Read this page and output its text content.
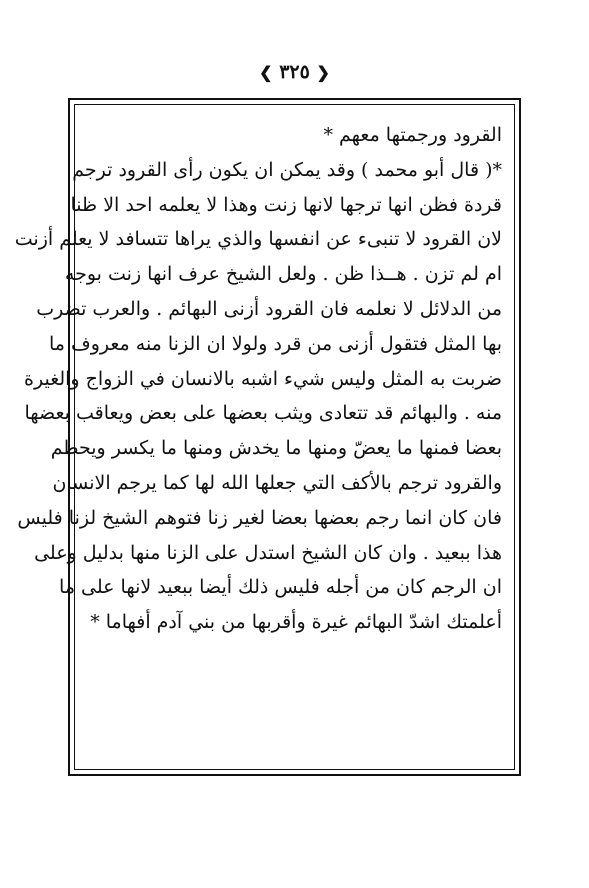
❮ ٣٢٥ ❯
القرود ورجمتها معهم *
*( قال أبو محمد ) وقد يمكن ان يكون رأى القرود ترجم
قردة فظن انها ترجها لانها زنت وهذا لا يعلمه احد الا ظنا
لان القرود لا تنبىء عن انفسها والذي يراها تتسافد لا يعلم أزنت
ام لم تزن . هــذا ظن . ولعل الشيخ عرف انها زنت بوجه
من الدلائل لا نعلمه فان القرود أزنى البهائم . والعرب تضرب
بها المثل فتقول أزنى من قرد ولولا ان الزنا منه معروف ما
ضربت به المثل وليس شيء اشبه بالانسان في الزواج والغيرة
منه . والبهائم قد تتعادى ويثب بعضها على بعض ويعاقب بعضها
بعضا فمنها ما يعضّ ومنها ما يخدش ومنها ما يكسر ويحطم
والقرود ترجم بالأكف التي جعلها الله لها كما يرجم الانسان
فان كان انما رجم بعضها بعضا لغير زنا فتوهم الشيخ لزنا فليس
هذا ببعيد . وان كان الشيخ استدل على الزنا منها بدليل وعلى
ان الرجم كان من أجله فليس ذلك أيضا ببعيد لانها على ما
أعلمتك اشدّ البهائم غيرة وأقربها من بني آدم أفهاما *
